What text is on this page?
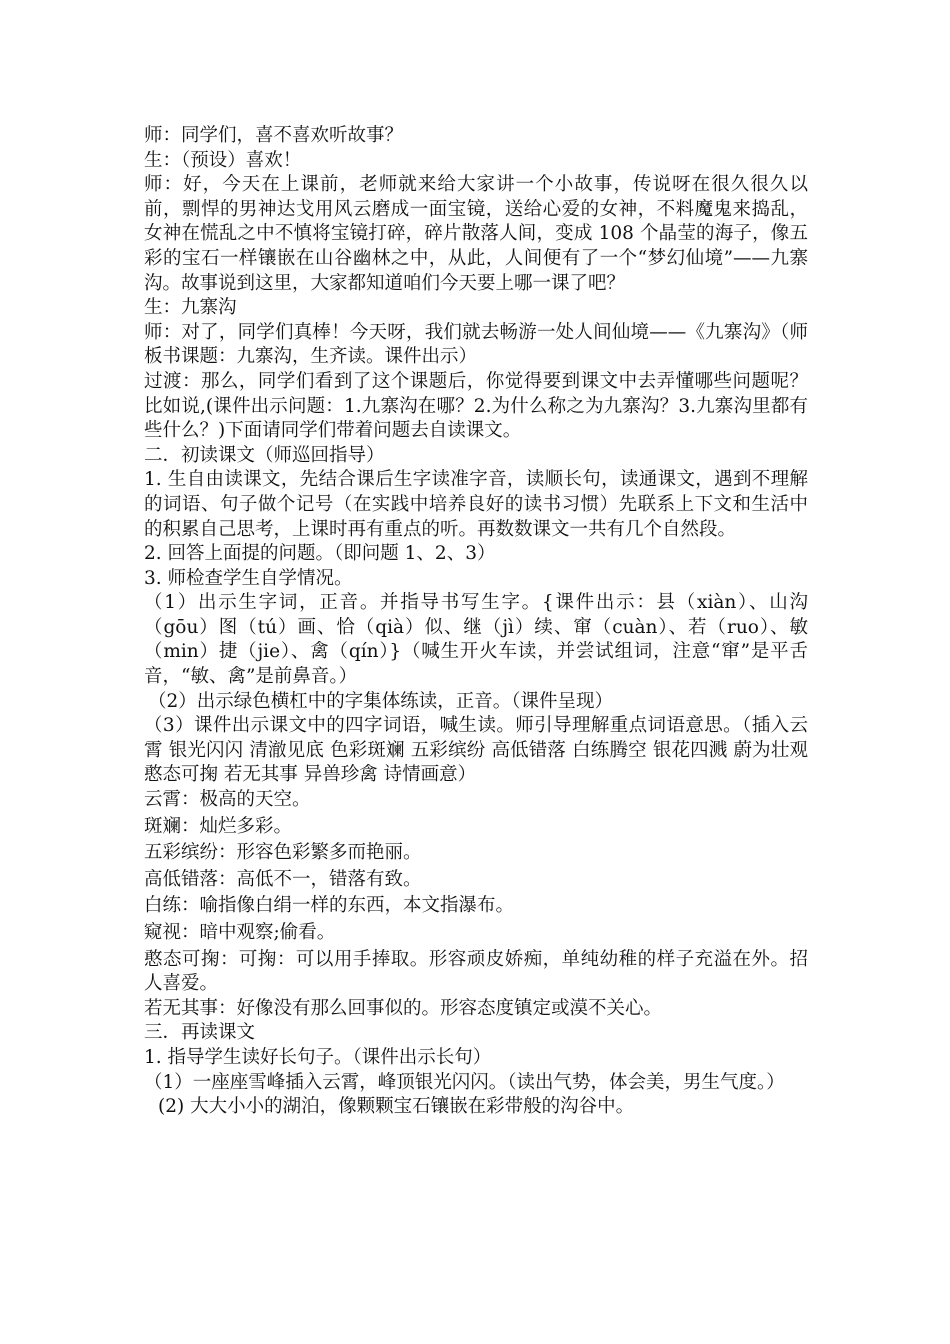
师：同学们，喜不喜欢听故事？

生：（预设）喜欢！

师：好，今天在上课前，老师就来给大家讲一个小故事，传说呀在很久很久以前，剽悍的男神达戈用风云磨成一面宝镜，送给心爱的女神，不料魔鬼来捣乱，女神在慌乱之中不慎将宝镜打碎，碎片散落人间，变成 108 个晶莹的海子，像五彩的宝石一样镶嵌在山谷幽林之中，从此，人间便有了一个“梦幻仙境”——九寨沟。故事说到这里，大家都知道咱们今天要上哪一课了吧？

生：九寨沟

师：对了，同学们真棒！今天呀，我们就去畅游一处人间仙境——《九寨沟》（师板书课题：九寨沟，生齐读。课件出示）

过渡：那么，同学们看到了这个课题后，你觉得要到课文中去弄懂哪些问题呢？比如说,(课件出示问题：1.九寨沟在哪？2.为什么称之为九寨沟？3.九寨沟里都有些什么？)下面请同学们带着问题去自读课文。

二．初读课文（师巡回指导）

1. 生自由读课文，先结合课后生字读准字音，读顺长句，读通课文，遇到不理解的词语、句子做个记号（在实践中培养良好的读书习惯）先联系上下文和生活中的积累自己思考，上课时再有重点的听。再数数课文一共有几个自然段。

2. 回答上面提的问题。（即问题 1、2、3）

3. 师检查学生自学情况。

（1）出示生字词，正音。并指导书写生字。{课件出示：县（xiàn）、山沟（gōu）图（tú）画、恰（qià）似、继（jì）续、窜（cuàn）、若（ruo）、敏（min）捷（jie）、禽（qín）}（喊生开火车读，并尝试组词，注意“窜”是平舌音，“敏、禽”是前鼻音。）

（2）出示绿色横杠中的字集体练读，正音。（课件呈现）

（3）课件出示课文中的四字词语，喊生读。师引导理解重点词语意思。（插入云霄 银光闪闪 清澈见底 色彩斑斓 五彩缤纷 高低错落 白练腾空 银花四溅 蔚为壮观 憨态可掬 若无其事 异兽珍禽 诗情画意）

云霄：极高的天空。

斑斓：灿烂多彩。

五彩缤纷：形容色彩繁多而艳丽。

高低错落：高低不一，错落有致。

白练：喻指像白绢一样的东西，本文指瀑布。

窥视：暗中观察;偷看。

憨态可掬：可掬：可以用手捧取。形容顽皮娇痴，单纯幼稚的样子充溢在外。招人喜爱。

若无其事：好像没有那么回事似的。形容态度镇定或漠不关心。

三．再读课文

1. 指导学生读好长句子。（课件出示长句）

（1）一座座雪峰插入云霄，峰顶银光闪闪。（读出气势，体会美，男生气度。）

(2) 大大小小的湖泊，像颗颗宝石镶嵌在彩带般的沟谷中。
